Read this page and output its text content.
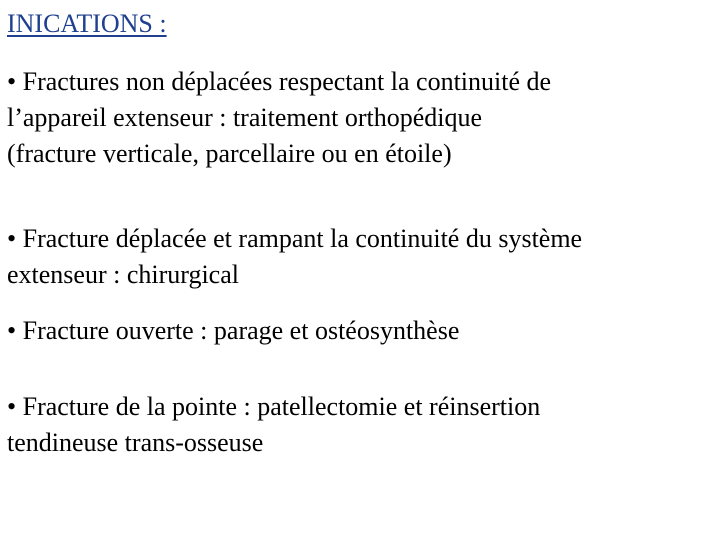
INICATIONS :
• Fractures non déplacées respectant la continuité de
l’appareil extenseur : traitement orthopédique
(fracture verticale, parcellaire ou en étoile)
• Fracture déplacée et rampant la continuité du système
extenseur : chirurgical
• Fracture ouverte : parage et ostéosynthèse
• Fracture de la pointe : patellectomie et réinsertion
tendineuse trans-osseuse
